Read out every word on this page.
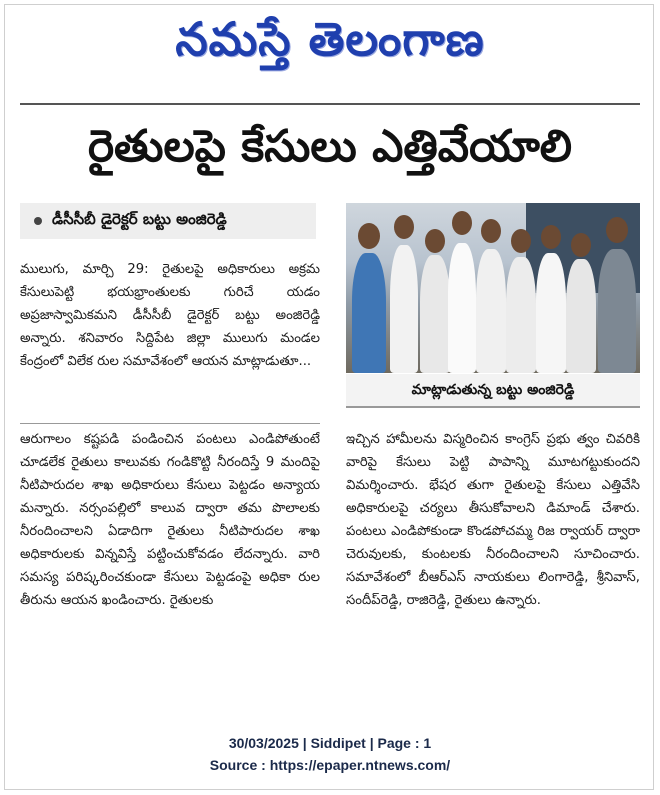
నమస్తే తెలంగాణ
రైతులపై కేసులు ఎత్తివేయాలి
డీసీసీబీ డైరెక్టర్ బట్టు అంజిరెడ్డి
ములుగు, మార్చి 29: రైతులపై అధికారులు అక్రమ కేసులుపెట్టి భయభ్రాంతులకు గురిచే యడం అప్రజాస్వామికమని డీసీసీబీ డైరెక్టర్ బట్టు అంజిరెడ్డి అన్నారు. శనివారం సిద్దిపేట జిల్లా ములుగు మండల కేంద్రంలో విలేక రుల సమావేశంలో ఆయన మాట్లాడుతూ...
ఆరుగాలం కష్టపడి పండించిన పంటలు ఎండిపోతుంటే చూడలేక రైతులు కాలువకు గండికొట్టి నీరందిస్తే 9 మందిపై నీటిపారుదల శాఖ అధికారులు కేసులు పెట్టడం అన్యాయ మన్నారు. నర్సంపల్లిలో కాలువ ద్వారా తమ పొలాలకు నీరందించాలని ఏడాదిగా రైతులు నీటిపారుదల శాఖ అధికారులకు విన్నవిస్తే పట్టించుకోవడం లేదన్నారు. వారి సమస్య పరిష్కరించకుండా కేసులు పెట్టడంపై అధికా రుల తీరును ఆయన ఖండించారు. రైతులకు
మాట్లాడుతున్న బట్టు అంజిరెడ్డి
ఇచ్చిన హామీలను విస్మరించిన కాంగ్రెస్ ప్రభు త్వం చివరికి వారిపై కేసులు పెట్టి పాపాన్ని మూటగట్టుకుందని విమర్శించారు. భేషర తుగా రైతులపై కేసులు ఎత్తివేసి అధికారులపై చర్యలు తీసుకోవాలని డిమాండ్ చేశారు. పంటలు ఎండిపోకుండా కొండపోచమ్మ రిజ ర్వాయర్ ద్వారా చెరువులకు, కుంటలకు నీరందించాలని సూచించారు. సమావేశంలో బీఆర్ఎస్ నాయకులు లింగారెడ్డి, శ్రీనివాస్, సందీప్‌రెడ్డి, రాజిరెడ్డి, రైతులు ఉన్నారు.
30/03/2025 | Siddipet | Page : 1
Source : https://epaper.ntnews.com/
